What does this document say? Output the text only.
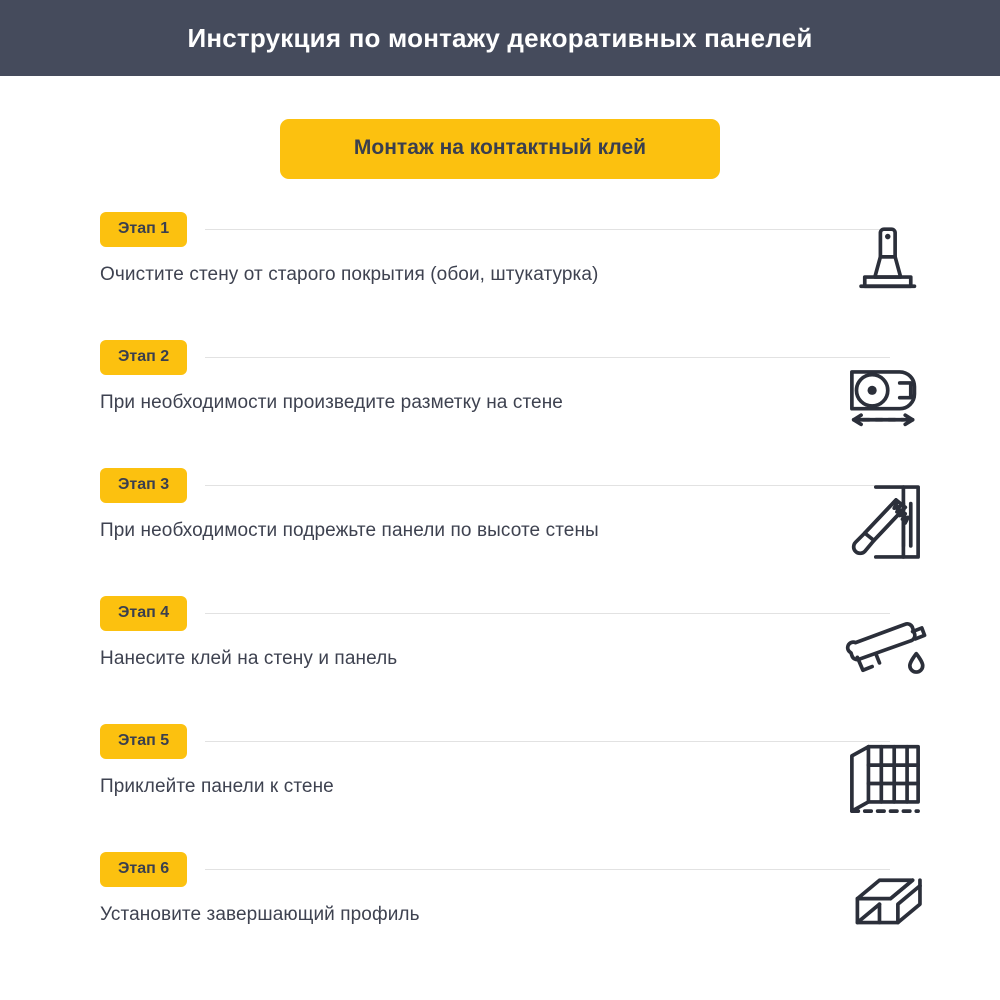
Инструкция по монтажу декоративных панелей
Монтаж на контактный клей
Этап 1
Очистите стену от старого покрытия (обои, штукатурка)
Этап 2
При необходимости произведите разметку на стене
Этап 3
При необходимости подрежьте панели по высоте стены
Этап 4
Нанесите клей на стену и панель
Этап 5
Приклейте панели к стене
Этап 6
Установите завершающий профиль
